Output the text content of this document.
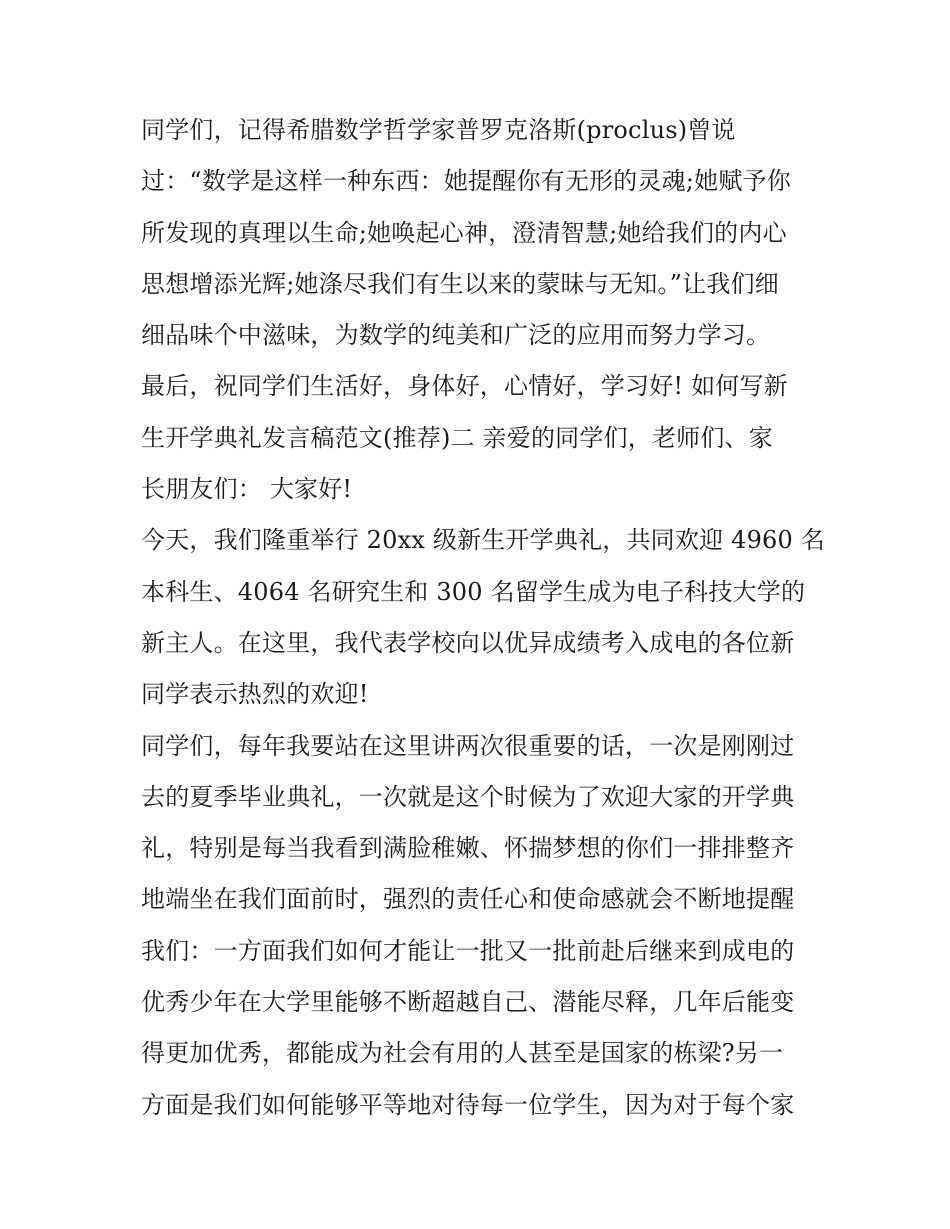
同学们，记得希腊数学哲学家普罗克洛斯(proclus)曾说
过：“数学是这样一种东西：她提醒你有无形的灵魂;她赋予你
所发现的真理以生命;她唤起心神，澄清智慧;她给我们的内心
思想增添光辉;她涤尽我们有生以来的蒙昧与无知。”让我们细
细品味个中滋味，为数学的纯美和广泛的应用而努力学习。
最后，祝同学们生活好，身体好，心情好，学习好! 如何写新
生开学典礼发言稿范文(推荐)二 亲爱的同学们，老师们、家
长朋友们： 大家好!
今天，我们隆重举行 20xx 级新生开学典礼，共同欢迎 4960 名
本科生、4064 名研究生和 300 名留学生成为电子科技大学的
新主人。在这里，我代表学校向以优异成绩考入成电的各位新
同学表示热烈的欢迎!
同学们，每年我要站在这里讲两次很重要的话，一次是刚刚过
去的夏季毕业典礼，一次就是这个时候为了欢迎大家的开学典
礼，特别是每当我看到满脸稚嫩、怀揣梦想的你们一排排整齐
地端坐在我们面前时，强烈的责任心和使命感就会不断地提醒
我们：一方面我们如何才能让一批又一批前赴后继来到成电的
优秀少年在大学里能够不断超越自己、潜能尽释，几年后能变
得更加优秀，都能成为社会有用的人甚至是国家的栋梁?另一
方面是我们如何能够平等地对待每一位学生，因为对于每个家
